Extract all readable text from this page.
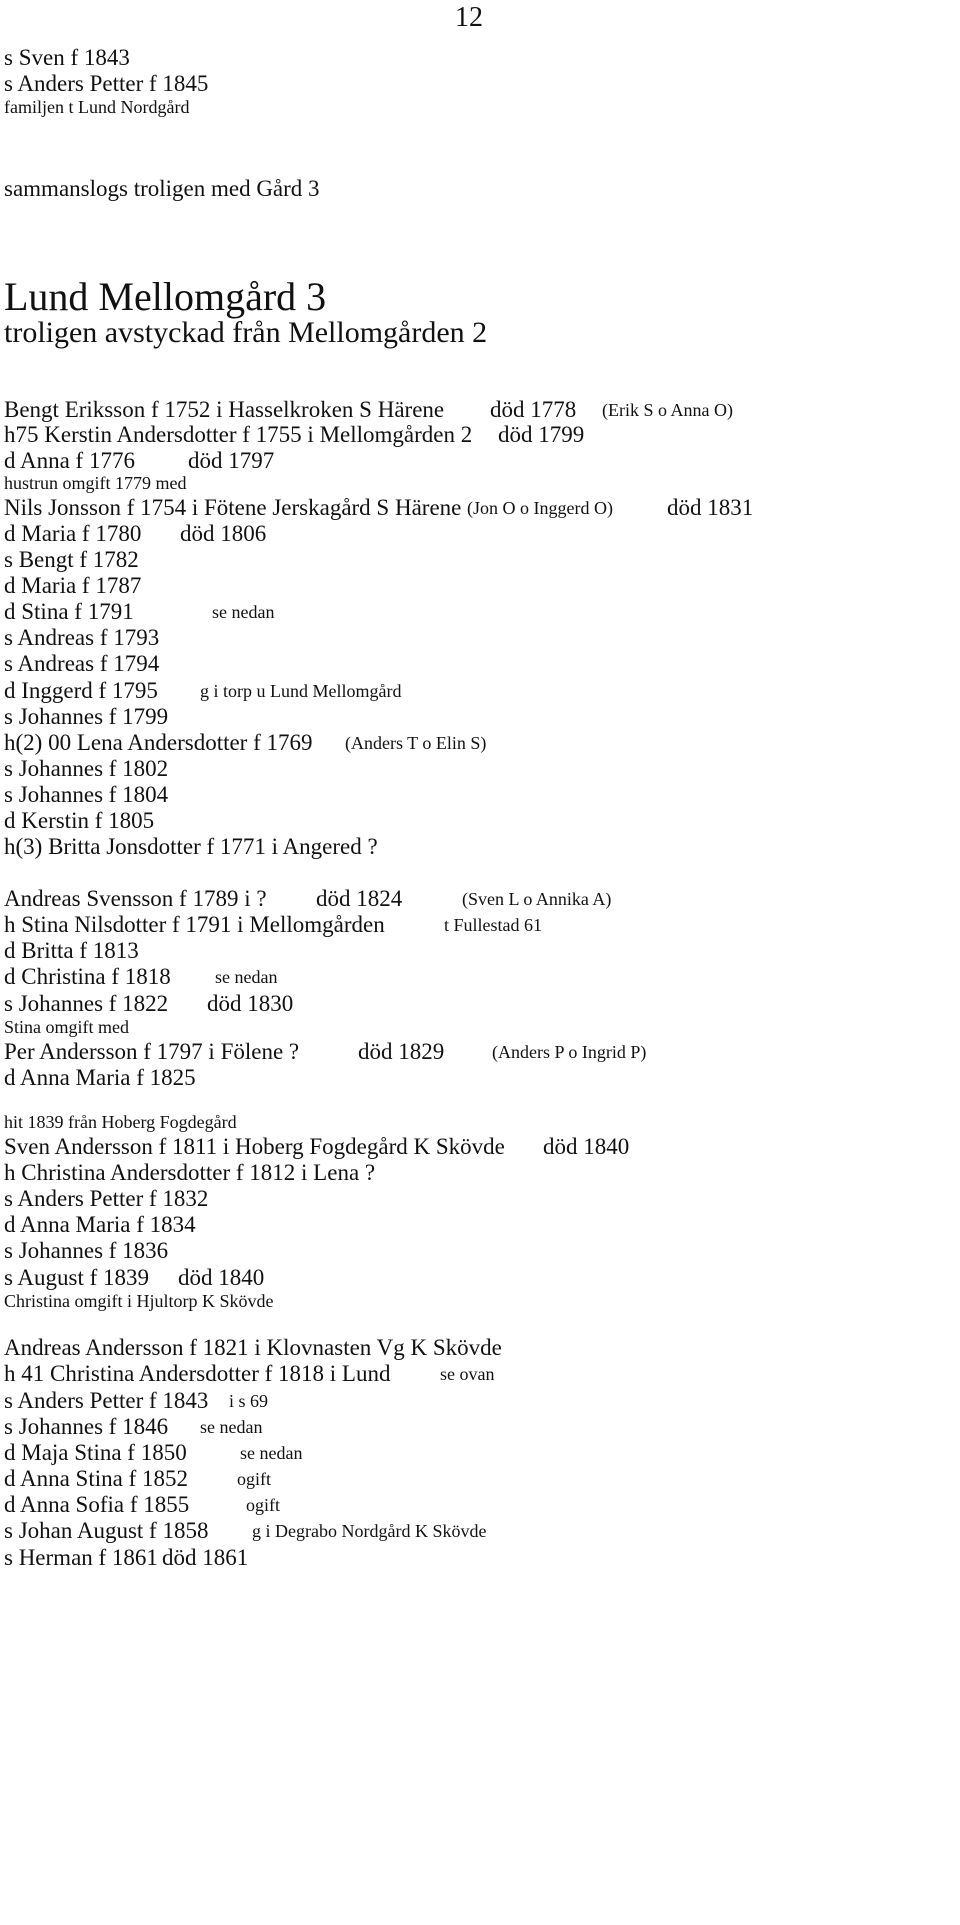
12
s Sven f 1843
s Anders Petter f 1845
familjen t Lund Nordgård
sammanslogs troligen med Gård 3
Lund Mellomgård 3
troligen avstyckad från Mellomgården 2
Bengt Eriksson f 1752 i Hasselkroken S Härene död 1778 (Erik S o Anna O)
h75 Kerstin Andersdotter f 1755 i Mellomgården 2 död 1799
d Anna f 1776 död 1797
hustrun omgift 1779 med
Nils Jonsson f 1754 i Fötene Jerskagård S Härene (Jon O o Inggerd O) död 1831
d Maria f 1780 död 1806
s Bengt f 1782
d Maria f 1787
d Stina f 1791	se nedan
s Andreas f 1793
s Andreas f 1794
d Inggerd f 1795 g i torp u Lund Mellomgård
s Johannes f 1799
h(2) 00 Lena Andersdotter f 1769 (Anders T o Elin S)
s Johannes f 1802
s Johannes f 1804
d Kerstin f 1805
h(3) Britta Jonsdotter f 1771 i Angered ?
Andreas Svensson f 1789 i ? död 1824	(Sven L o Annika A)
h Stina Nilsdotter f 1791 i Mellomgården	t Fullestad 61
d Britta f 1813
d Christina f 1818 se nedan
s Johannes f 1822 död 1830
Stina omgift med
Per Andersson f 1797 i Fölene ?	död 1829	(Anders P o Ingrid P)
d Anna Maria f 1825
hit 1839 från Hoberg Fogdegård
Sven Andersson f 1811 i Hoberg Fogdegård K Skövde död 1840
h Christina Andersdotter f 1812 i Lena ?
s Anders Petter f 1832
d Anna Maria f 1834
s Johannes f 1836
s August f 1839 död 1840
Christina omgift i Hjultorp K Skövde
Andreas Andersson f 1821 i Klovnasten Vg K Skövde
h 41 Christina Andersdotter f 1818 i Lund	se ovan
s Anders Petter f 1843 i s 69
s Johannes f 1846 se nedan
d Maja Stina f 1850	se nedan
d Anna Stina f 1852	ogift
d Anna Sofia f 1855	ogift
s Johan August f 1858 g i Degrabo Nordgård K Skövde
s Herman f 1861 död 1861
